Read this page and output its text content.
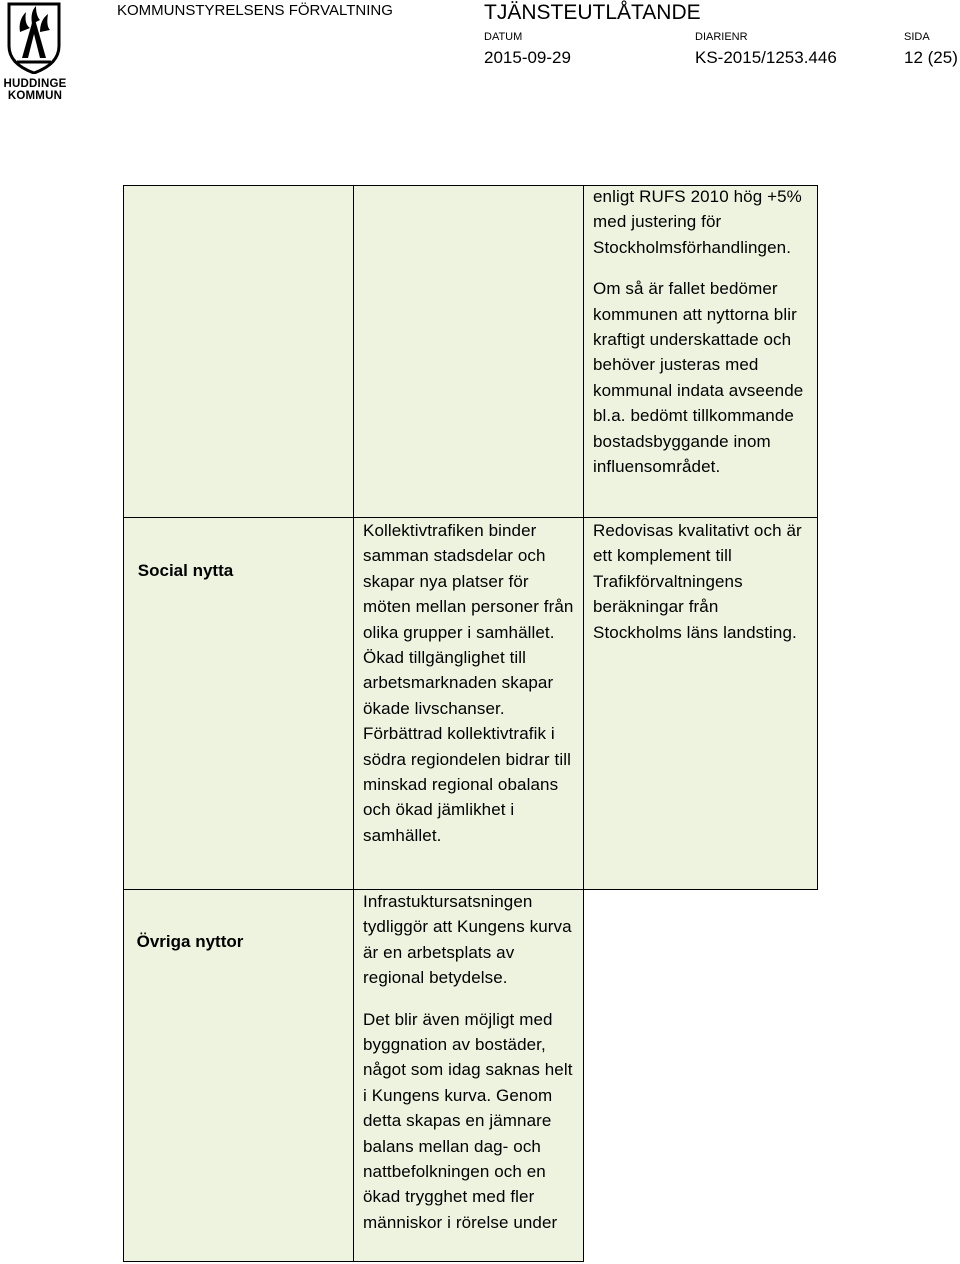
HUDDINGE
KOMMUN
KOMMUNSTYRELSENS FÖRVALTNING	TJÄNSTEUTLÅTANDE
DATUM
2015-09-29
DIARIENR
KS-2015/1253.446
SIDA
12 (25)

enligt RUFS 2010 hög +5% med justering för Stockholmsförhandlingen.

Om så är fallet bedömer kommunen att nyttorna blir kraftigt underskattade och behöver justeras med kommunal indata avseende bl.a. bedömt tillkommande bostadsbyggande inom influensområdet.

Social nytta
Kollektivtrafiken binder samman stadsdelar och skapar nya platser för möten mellan personer från olika grupper i samhället. Ökad tillgänglighet till arbetsmarknaden skapar ökade livschanser. Förbättrad kollektivtrafik i södra regiondelen bidrar till minskad regional obalans och ökad jämlikhet i samhället.
Redovisas kvalitativt och är ett komplement till Trafikförvaltningens beräkningar från Stockholms läns landsting.
Övriga nyttor

Infrastuktursatsningen tydliggör att Kungens kurva är en arbetsplats av regional betydelse.

Det blir även möjligt med byggnation av bostäder, något som idag saknas helt i Kungens kurva. Genom detta skapas en jämnare balans mellan dag- och nattbefolkningen och en ökad trygghet med fler människor i rörelse under
